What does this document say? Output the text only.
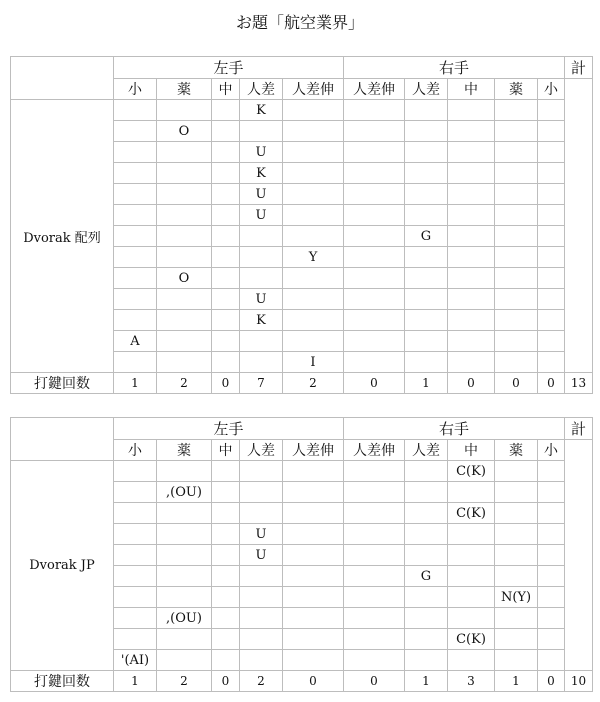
お題「航空業界」
	左手					右手					計
	小	薬	中	人差	人差伸	人差伸	人差	中	薬	小	
Dvorak 配列				K							
		O									
				U							
				K							
				U							
				U							
							G				
					Y						
		O									
				U							
				K							
	A										
					I						
打鍵回数	1	2	0	7	2	0	1	0	0	0	13
	左手					右手					計
	小	薬	中	人差	人差伸	人差伸	人差	中	薬	小	
Dvorak JP								C(K)			
		,(OU)									
								C(K)			
				U							
				U							
							G				
									N(Y)		
		,(OU)									
								C(K)			
	'(AI)										
打鍵回数	1	2	0	2	0	0	1	3	1	0	10
